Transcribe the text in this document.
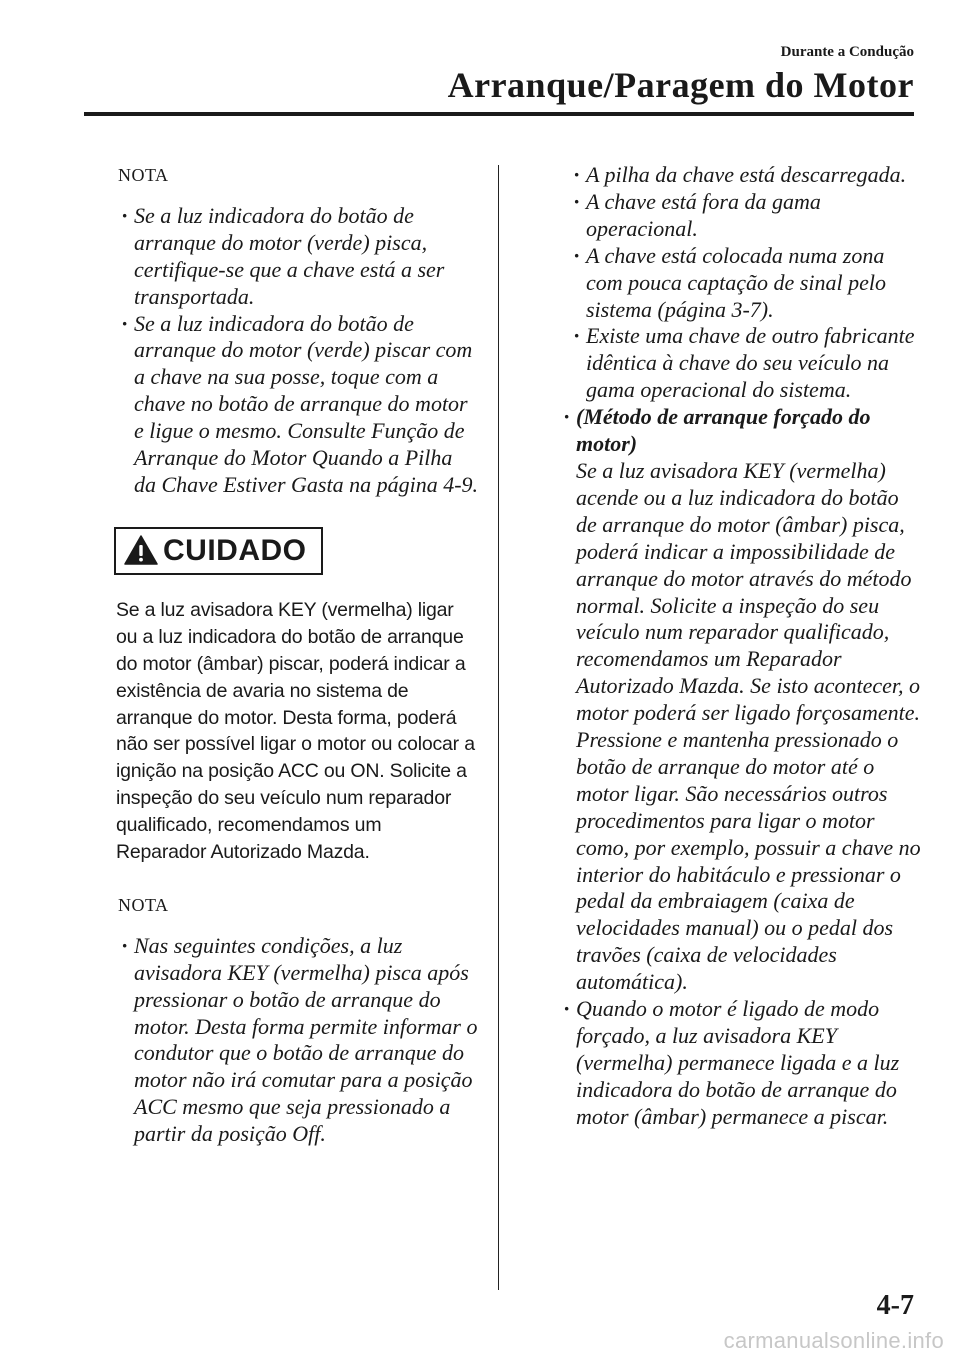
Durante a Condução
Arranque/Paragem do Motor
NOTA
· Se a luz indicadora do botão de arranque do motor (verde) pisca, certifique-se que a chave está a ser transportada.
· Se a luz indicadora do botão de arranque do motor (verde) piscar com a chave na sua posse, toque com a chave no botão de arranque do motor e ligue o mesmo. Consulte Função de Arranque do Motor Quando a Pilha da Chave Estiver Gasta na página 4-9.
CUIDADO
Se a luz avisadora KEY (vermelha) ligar ou a luz indicadora do botão de arranque do motor (âmbar) piscar, poderá indicar a existência de avaria no sistema de arranque do motor. Desta forma, poderá não ser possível ligar o motor ou colocar a ignição na posição ACC ou ON. Solicite a inspeção do seu veículo num reparador qualificado, recomendamos um Reparador Autorizado Mazda.
NOTA
· Nas seguintes condições, a luz avisadora KEY (vermelha) pisca após pressionar o botão de arranque do motor. Desta forma permite informar o condutor que o botão de arranque do motor não irá comutar para a posição ACC mesmo que seja pressionado a partir da posição Off.
· A pilha da chave está descarregada.
· A chave está fora da gama operacional.
· A chave está colocada numa zona com pouca captação de sinal pelo sistema (página 3-7).
· Existe uma chave de outro fabricante idêntica à chave do seu veículo na gama operacional do sistema.
· (Método de arranque forçado do motor)
Se a luz avisadora KEY (vermelha) acende ou a luz indicadora do botão de arranque do motor (âmbar) pisca, poderá indicar a impossibilidade de arranque do motor através do método normal. Solicite a inspeção do seu veículo num reparador qualificado, recomendamos um Reparador Autorizado Mazda. Se isto acontecer, o motor poderá ser ligado forçosamente. Pressione e mantenha pressionado o botão de arranque do motor até o motor ligar. São necessários outros procedimentos para ligar o motor como, por exemplo, possuir a chave no interior do habitáculo e pressionar o pedal da embraiagem (caixa de velocidades manual) ou o pedal dos travões (caixa de velocidades automática).
· Quando o motor é ligado de modo forçado, a luz avisadora KEY (vermelha) permanece ligada e a luz indicadora do botão de arranque do motor (âmbar) permanece a piscar.
4-7
carmanualsonline.info
